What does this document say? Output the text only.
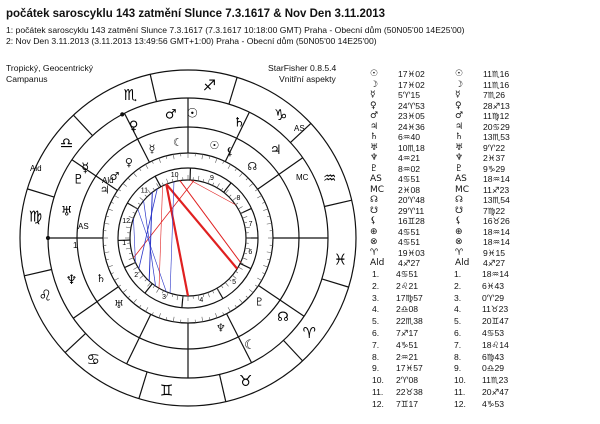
počátek saroscyklu 143 zatmění Slunce 7.3.1617 & Nov Den 3.11.2013
1: počátek saroscyklu 143 zatmění Slunce 7.3.1617 (7.3.1617 10:18:00 GMT) Praha - Obecní dům (50N05'00 14E25'00)
2: Nov Den 3.11.2013 (3.11.2013 13:49:56 GMT+1:00) Praha - Obecní dům (50N05'00 14E25'00)
Tropický, Geocentrický
Campanus
StarFisher 0.8.5.4
Vnitřní aspekty
♐
♑
♒
♓
♈
♉
♊
♋
♌
♍
♎
♏
♃
♄
☉
♂
♀
☿
♇
♅
♆
☾
☊
☉
☾
☿
♀
♂
♃
♄
♅
♆
♇
☊
⚸
1
2
3	4
5
6
7
8
9
10
11
12
AS
MC
Ald
Ald
AS
1
☉ 17♓02	☉ 11♏16
☽ 17♓02	☽ 11♏16
☿	5♈15	☿	7♏26
♀ 24♈53	♀ 28♐13
♂ 23♓05	♂ 11♍12
♃ 24♓36	♃ 20♋29
♄ 6♒40	♄ 13♏53
♅ 10♏18	♅ 9♈22
♆ 4♒21	♆ 2♓37
♇ 8♒02	♇ 9♑29
AS 4♋51	AS 18♒14
MC 2♓08	MC 11♐23
☊ 20♈48	☊ 13♏54
☋ 29♈11	☋ 7♍22
⚸ 16♊28	⚸ 16♉26
⊕ 4♋51	⊕ 18♒14
⊗ 4♋51	⊗ 18♒14
♈ 19♓03	♈ 9♓15
Ald 4♐27	Ald 4♐27
1. 4♋51	1. 18♒14
2. 2♌21	2. 6♓43
3. 17♍57	3. 0♈29
4. 2♎08	4. 11♉23
5. 22♏38	5. 20♊47
6. 7♐17	6. 4♋53
7. 4♑51	7. 18♌14
8. 2♒21	8. 6♍43
9. 17♓57	9. 0♎29
10. 2♈08	10. 11♏23
11. 22♉38	11. 20♐47
12. 7♊17	12. 4♑53
